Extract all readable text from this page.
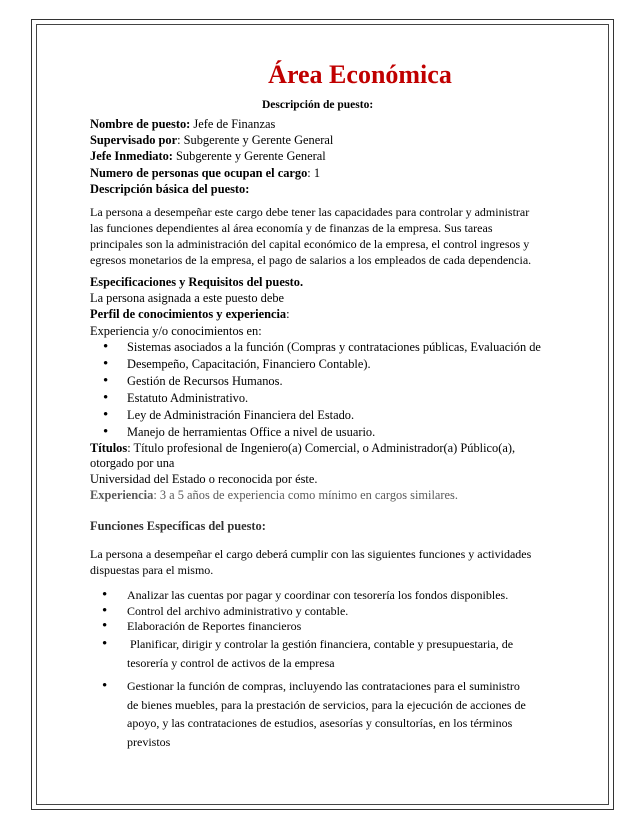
Área Económica
Descripción de puesto:

Nombre de puesto: Jefe de Finanzas

Supervisado por: Subgerente y Gerente General

Jefe Inmediato: Subgerente y Gerente General

Numero de personas que ocupan el cargo: 1

Descripción básica del puesto:

La persona a desempeñar este cargo debe tener las capacidades para controlar y administrar
las funciones dependientes al área economía y de finanzas de la empresa. Sus tareas
principales son la administración del capital económico de la empresa, el control ingresos y
egresos monetarios de la empresa, el pago de salarios a los empleados de cada dependencia.

Especificaciones y Requisitos del puesto.

La persona asignada a este puesto debe

Perfil de conocimientos y experiencia:

Experiencia y/o conocimientos en:

• Sistemas asociados a la función (Compras y contrataciones públicas, Evaluación de
• Desempeño, Capacitación, Financiero Contable).
• Gestión de Recursos Humanos.
• Estatuto Administrativo.
• Ley de Administración Financiera del Estado.
• Manejo de herramientas Office a nivel de usuario.
Títulos: Título profesional de Ingeniero(a) Comercial, o Administrador(a) Público(a),
otorgado por una
Universidad del Estado o reconocida por éste.

Experiencia: 3 a 5 años de experiencia como mínimo en cargos similares.

Funciones Específicas del puesto:

La persona a desempeñar el cargo deberá cumplir con las siguientes funciones y actividades
dispuestas para el mismo.
• Analizar las cuentas por pagar y coordinar con tesorería los fondos disponibles.
• Control del archivo administrativo y contable.
• Elaboración de Reportes financieros
•  Planificar, dirigir y controlar la gestión financiera, contable y presupuestaria, de
tesorería y control de activos de la empresa
• Gestionar la función de compras, incluyendo las contrataciones para el suministro
de bienes muebles, para la prestación de servicios, para la ejecución de acciones de
apoyo, y las contrataciones de estudios, asesorías y consultorías, en los términos
previstos
